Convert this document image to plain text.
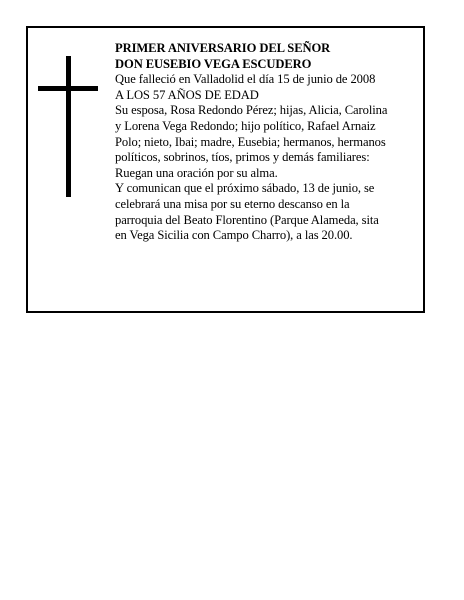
PRIMER ANIVERSARIO DEL SEÑOR

DON EUSEBIO VEGA ESCUDERO

Que falleció en Valladolid el día 15 de junio de 2008

A LOS 57 AÑOS DE EDAD

Su esposa, Rosa Redondo Pérez; hijas, Alicia, Carolina

y Lorena Vega Redondo; hijo político, Rafael Arnaiz

Polo; nieto, Ibai; madre, Eusebia; hermanos, hermanos

políticos, sobrinos, tíos, primos y demás familiares:

Ruegan una oración por su alma.

Y comunican que el próximo sábado, 13 de junio, se

celebrará una misa por su eterno descanso en la

parroquia del Beato Florentino (Parque Alameda, sita

en Vega Sicilia con Campo Charro), a las 20.00.
